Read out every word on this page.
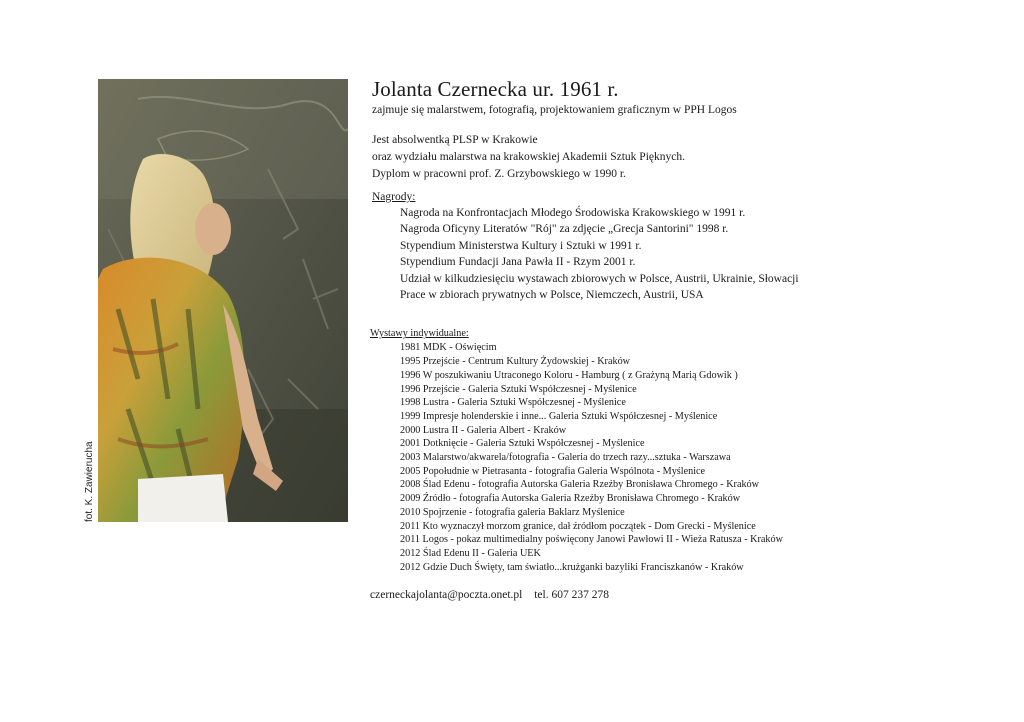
fot. K. Zawierucha
Jolanta Czernecka ur. 1961 r.
zajmuje się malarstwem, fotografią, projektowaniem graficznym w PPH Logos
Jest absolwentką PLSP w Krakowie
oraz wydziału malarstwa na krakowskiej Akademii Sztuk Pięknych.
Dyplom w pracowni prof. Z. Grzybowskiego w 1990 r.
Nagrody:
Nagroda na Konfrontacjach Młodego Środowiska Krakowskiego w 1991 r.
Nagroda Oficyny Literatów "Rój" za zdjęcie „Grecja Santorini" 1998 r.
Stypendium Ministerstwa Kultury i Sztuki w 1991 r.
Stypendium Fundacji Jana Pawła II - Rzym 2001 r.
Udział w kilkudziesięciu wystawach zbiorowych w Polsce, Austrii, Ukrainie, Słowacji
Prace w zbiorach prywatnych w Polsce, Niemczech, Austrii, USA
Wystawy indywidualne:
1981 MDK - Oświęcim
1995 Przejście - Centrum Kultury Żydowskiej - Kraków
1996 W poszukiwaniu Utraconego Koloru - Hamburg ( z Grażyną Marią Gdowik )
1996 Przejście - Galeria Sztuki Współczesnej - Myślenice
1998 Lustra - Galeria Sztuki Współczesnej - Myślenice
1999 Impresje holenderskie i inne... Galeria Sztuki Współczesnej - Myślenice
2000 Lustra II - Galeria Albert - Kraków
2001 Dotknięcie - Galeria Sztuki Współczesnej - Myślenice
2003 Malarstwo/akwarela/fotografia - Galeria do trzech razy...sztuka - Warszawa
2005 Popołudnie w Pietrasanta - fotografia Galeria Wspólnota - Myślenice
2008 Ślad Edenu - fotografia Autorska Galeria Rzeźby Bronisława Chromego - Kraków
2009 Źródło - fotografia Autorska Galeria Rzeźby Bronisława Chromego - Kraków
2010 Spojrzenie - fotografia galeria Baklarz Myślenice
2011 Kto wyznaczył morzom granice, dał źródłom początek - Dom Grecki - Myślenice
2011 Logos - pokaz multimedialny poświęcony Janowi Pawłowi II - Wieża Ratusza - Kraków
2012 Ślad Edenu II - Galeria UEK
2012 Gdzie Duch Święty, tam światło...krużganki bazyliki Franciszkanów - Kraków
czerneckajolanta@poczta.onet.pl tel. 607 237 278
